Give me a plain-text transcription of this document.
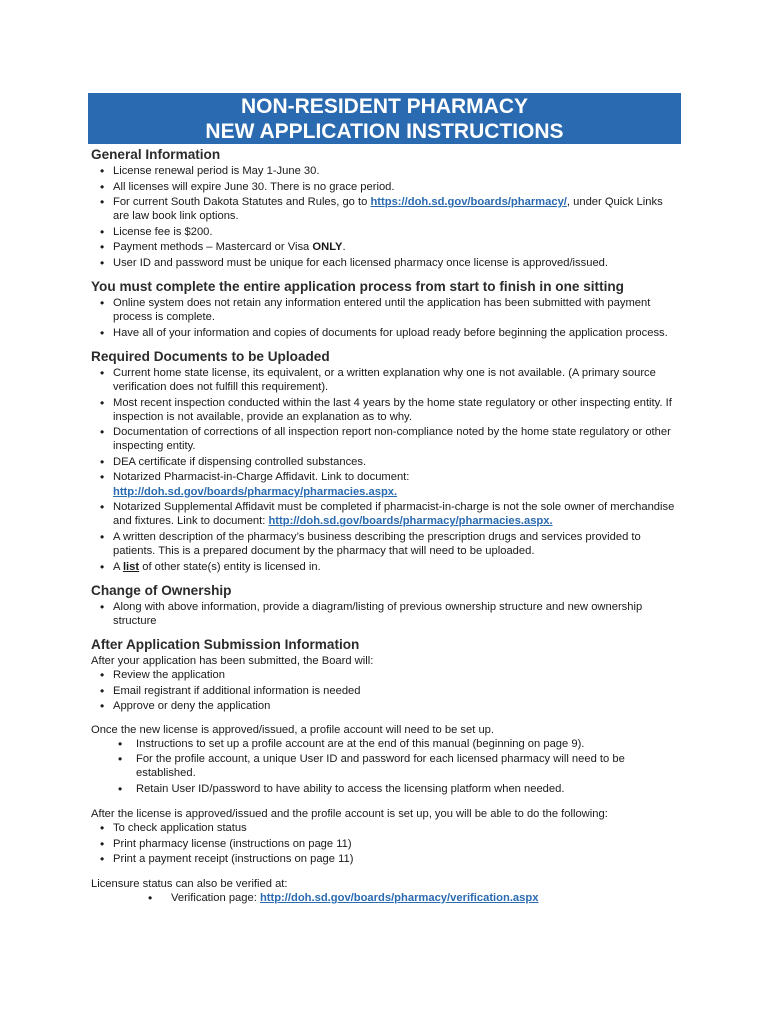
NON-RESIDENT PHARMACY
NEW APPLICATION INSTRUCTIONS
General Information
• License renewal period is May 1-June 30.
• All licenses will expire June 30. There is no grace period.
• For current South Dakota Statutes and Rules, go to https://doh.sd.gov/boards/pharmacy/, under Quick Links are law book link options.
• License fee is $200.
• Payment methods – Mastercard or Visa ONLY.
• User ID and password must be unique for each licensed pharmacy once license is approved/issued.
You must complete the entire application process from start to finish in one sitting
• Online system does not retain any information entered until the application has been submitted with payment process is complete.
• Have all of your information and copies of documents for upload ready before beginning the application process.
Required Documents to be Uploaded
• Current home state license, its equivalent, or a written explanation why one is not available. (A primary source verification does not fulfill this requirement).
• Most recent inspection conducted within the last 4 years by the home state regulatory or other inspecting entity. If inspection is not available, provide an explanation as to why.
• Documentation of corrections of all inspection report non-compliance noted by the home state regulatory or other inspecting entity.
• DEA certificate if dispensing controlled substances.
• Notarized Pharmacist-in-Charge Affidavit. Link to document: http://doh.sd.gov/boards/pharmacy/pharmacies.aspx.
• Notarized Supplemental Affidavit must be completed if pharmacist-in-charge is not the sole owner of merchandise and fixtures. Link to document: http://doh.sd.gov/boards/pharmacy/pharmacies.aspx.
• A written description of the pharmacy’s business describing the prescription drugs and services provided to patients. This is a prepared document by the pharmacy that will need to be uploaded.
• A list of other state(s) entity is licensed in.
Change of Ownership
• Along with above information, provide a diagram/listing of previous ownership structure and new ownership structure
After Application Submission Information
After your application has been submitted, the Board will:
• Review the application
• Email registrant if additional information is needed
• Approve or deny the application
Once the new license is approved/issued, a profile account will need to be set up.
• Instructions to set up a profile account are at the end of this manual (beginning on page 9).
• For the profile account, a unique User ID and password for each licensed pharmacy will need to be established.
• Retain User ID/password to have ability to access the licensing platform when needed.
After the license is approved/issued and the profile account is set up, you will be able to do the following:
• To check application status
• Print pharmacy license (instructions on page 11)
• Print a payment receipt (instructions on page 11)
Licensure status can also be verified at:
• Verification page: http://doh.sd.gov/boards/pharmacy/verification.aspx
